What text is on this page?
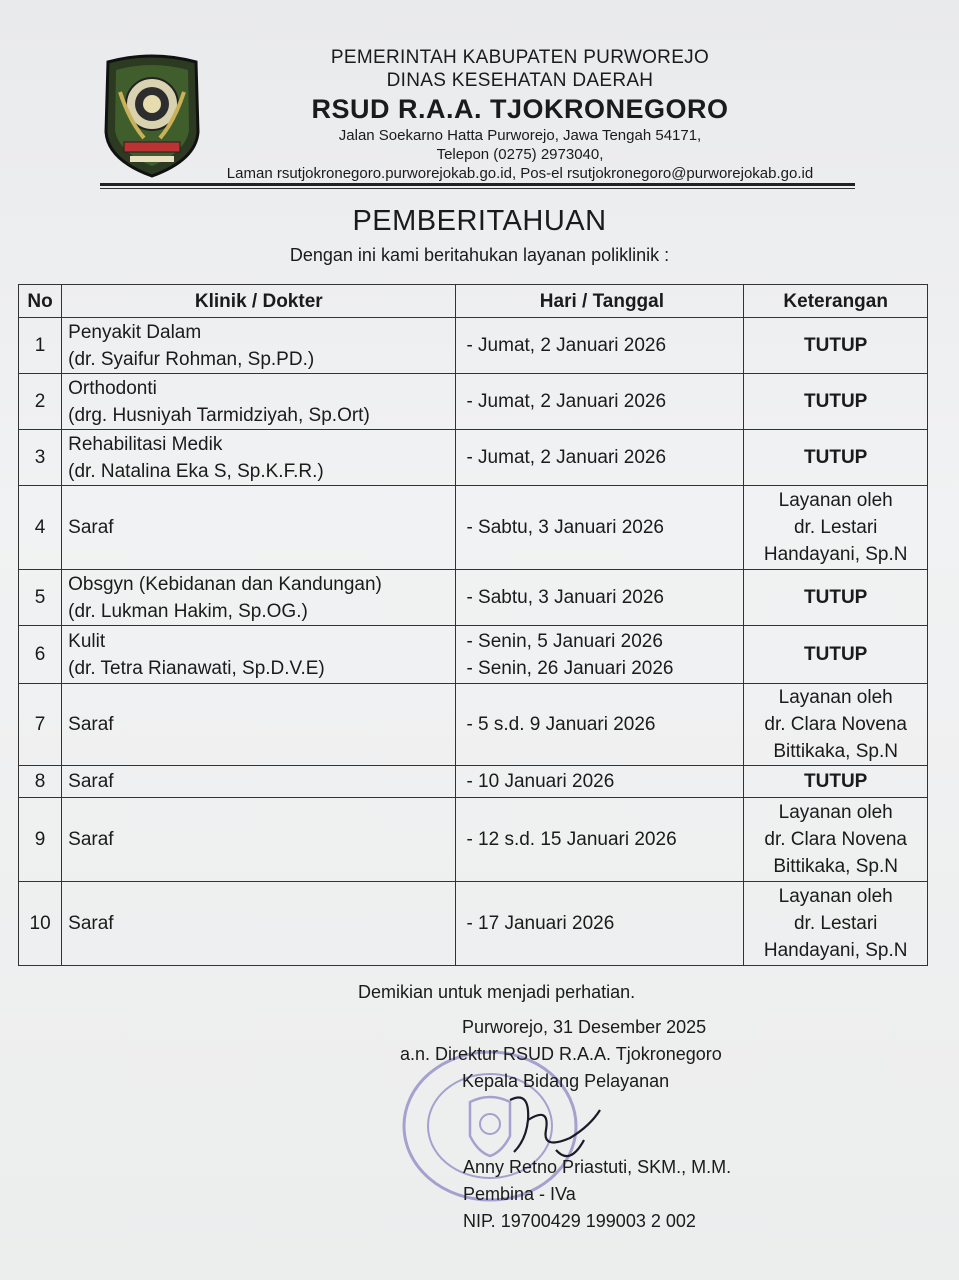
PEMERINTAH KABUPATEN PURWOREJO
DINAS KESEHATAN DAERAH
RSUD R.A.A. TJOKRONEGORO
Jalan Soekarno Hatta Purworejo, Jawa Tengah 54171,
Telepon (0275) 2973040,
Laman rsutjokronegoro.purworejokab.go.id, Pos-el rsutjokronegoro@purworejokab.go.id
PEMBERITAHUAN
Dengan ini kami beritahukan layanan poliklinik :
No	Klinik / Dokter	Hari / Tanggal	Keterangan
1	Penyakit Dalam
(dr. Syaifur Rohman, Sp.PD.)	- Jumat, 2 Januari 2026	TUTUP

2	Orthodonti
(drg. Husniyah Tarmidziyah, Sp.Ort)	- Jumat, 2 Januari 2026	TUTUP

3	Rehabilitasi Medik
(dr. Natalina Eka S, Sp.K.F.R.)	- Jumat, 2 Januari 2026	TUTUP

4	Saraf	- Sabtu, 3 Januari 2026	Layanan oleh
dr. Lestari
Handayani, Sp.N

5	Obsgyn (Kebidanan dan Kandungan)
(dr. Lukman Hakim, Sp.OG.)	- Sabtu, 3 Januari 2026	TUTUP

6	Kulit
(dr. Tetra Rianawati, Sp.D.V.E)	- Senin, 5 Januari 2026
- Senin, 26 Januari 2026	TUTUP

7	Saraf	- 5 s.d. 9 Januari 2026	Layanan oleh
dr. Clara Novena
Bittikaka, Sp.N

8	Saraf	- 10 Januari 2026	TUTUP

9	Saraf	- 12 s.d. 15 Januari 2026	Layanan oleh
dr. Clara Novena
Bittikaka, Sp.N

10	Saraf	- 17 Januari 2026	Layanan oleh
dr. Lestari
Handayani, Sp.N
Demikian untuk menjadi perhatian.
Purworejo, 31 Desember 2025
a.n. Direktur RSUD R.A.A. Tjokronegoro
Kepala Bidang Pelayanan
Anny Retno Priastuti, SKM., M.M.
Pembina - IVa
NIP. 19700429 199003 2 002
